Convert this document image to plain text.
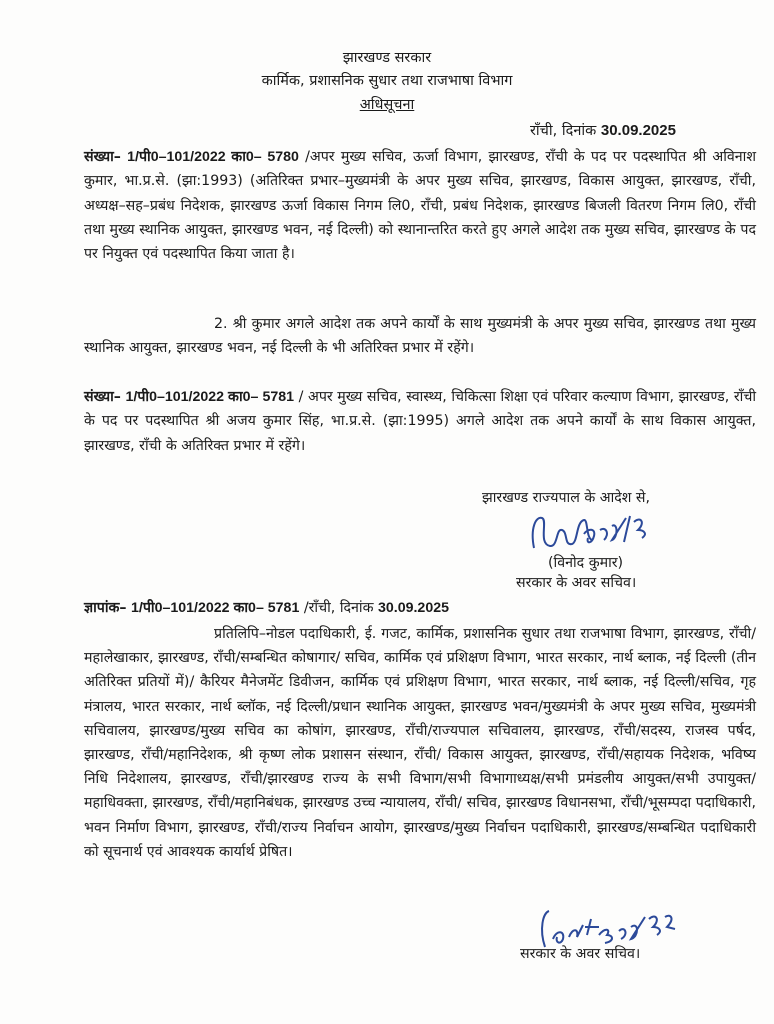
झारखण्ड सरकार
कार्मिक, प्रशासनिक सुधार तथा राजभाषा विभाग
अधिसूचना
राँची, दिनांक 30.09.2025
संख्या– 1/पी0–101/2022 का0– 5780 /अपर मुख्य सचिव, ऊर्जा विभाग, झारखण्ड, राँची के पद पर पदस्थापित श्री अविनाश कुमार, भा.प्र.से. (झा:1993) (अतिरिक्त प्रभार–मुख्यमंत्री के अपर मुख्य सचिव, झारखण्ड, विकास आयुक्त, झारखण्ड, राँची, अध्यक्ष–सह–प्रबंध निदेशक, झारखण्ड ऊर्जा विकास निगम लि0, राँची, प्रबंध निदेशक, झारखण्ड बिजली वितरण निगम लि0, राँची तथा मुख्य स्थानिक आयुक्त, झारखण्ड भवन, नई दिल्ली) को स्थानान्तरित करते हुए अगले आदेश तक मुख्य सचिव, झारखण्ड के पद पर नियुक्त एवं पदस्थापित किया जाता है।
2. श्री कुमार अगले आदेश तक अपने कार्यों के साथ मुख्यमंत्री के अपर मुख्य सचिव, झारखण्ड तथा मुख्य स्थानिक आयुक्त, झारखण्ड भवन, नई दिल्ली के भी अतिरिक्त प्रभार में रहेंगे।
संख्या– 1/पी0–101/2022 का0– 5781 / अपर मुख्य सचिव, स्वास्थ्य, चिकित्सा शिक्षा एवं परिवार कल्याण विभाग, झारखण्ड, राँची के पद पर पदस्थापित श्री अजय कुमार सिंह, भा.प्र.से. (झा:1995) अगले आदेश तक अपने कार्यों के साथ विकास आयुक्त, झारखण्ड, राँची के अतिरिक्त प्रभार में रहेंगे।
झारखण्ड राज्यपाल के आदेश से,
(विनोद कुमार)
सरकार के अवर सचिव।
ज्ञापांक– 1/पी0–101/2022 का0– 5781 /राँची, दिनांक 30.09.2025
प्रतिलिपि–नोडल पदाधिकारी, ई. गजट, कार्मिक, प्रशासनिक सुधार तथा राजभाषा विभाग, झारखण्ड, राँची/महालेखाकार, झारखण्ड, राँची/सम्बन्धित कोषागार/ सचिव, कार्मिक एवं प्रशिक्षण विभाग, भारत सरकार, नार्थ ब्लाक, नई दिल्ली (तीन अतिरिक्त प्रतियों में)/ कैरियर मैनेजमेंट डिवीजन, कार्मिक एवं प्रशिक्षण विभाग, भारत सरकार, नार्थ ब्लाक, नई दिल्ली/सचिव, गृह मंत्रालय, भारत सरकार, नार्थ ब्लॉक, नई दिल्ली/प्रधान स्थानिक आयुक्त, झारखण्ड भवन/मुख्यमंत्री के अपर मुख्य सचिव, मुख्यमंत्री सचिवालय, झारखण्ड/मुख्य सचिव का कोषांग, झारखण्ड, राँची/राज्यपाल सचिवालय, झारखण्ड, राँची/सदस्य, राजस्व पर्षद, झारखण्ड, राँची/महानिदेशक, श्री कृष्ण लोक प्रशासन संस्थान, राँची/ विकास आयुक्त, झारखण्ड, राँची/सहायक निदेशक, भविष्य निधि निदेशालय, झारखण्ड, राँची/झारखण्ड राज्य के सभी विभाग/सभी विभागाध्यक्ष/सभी प्रमंडलीय आयुक्त/सभी उपायुक्त/महाधिवक्ता, झारखण्ड, राँची/महानिबंधक, झारखण्ड उच्च न्यायालय, राँची/ सचिव, झारखण्ड विधानसभा, राँची/भूसम्पदा पदाधिकारी, भवन निर्माण विभाग, झारखण्ड, राँची/राज्य निर्वाचन आयोग, झारखण्ड/मुख्य निर्वाचन पदाधिकारी, झारखण्ड/सम्बन्धित पदाधिकारी को सूचनार्थ एवं आवश्यक कार्यार्थ प्रेषित।
सरकार के अवर सचिव।
